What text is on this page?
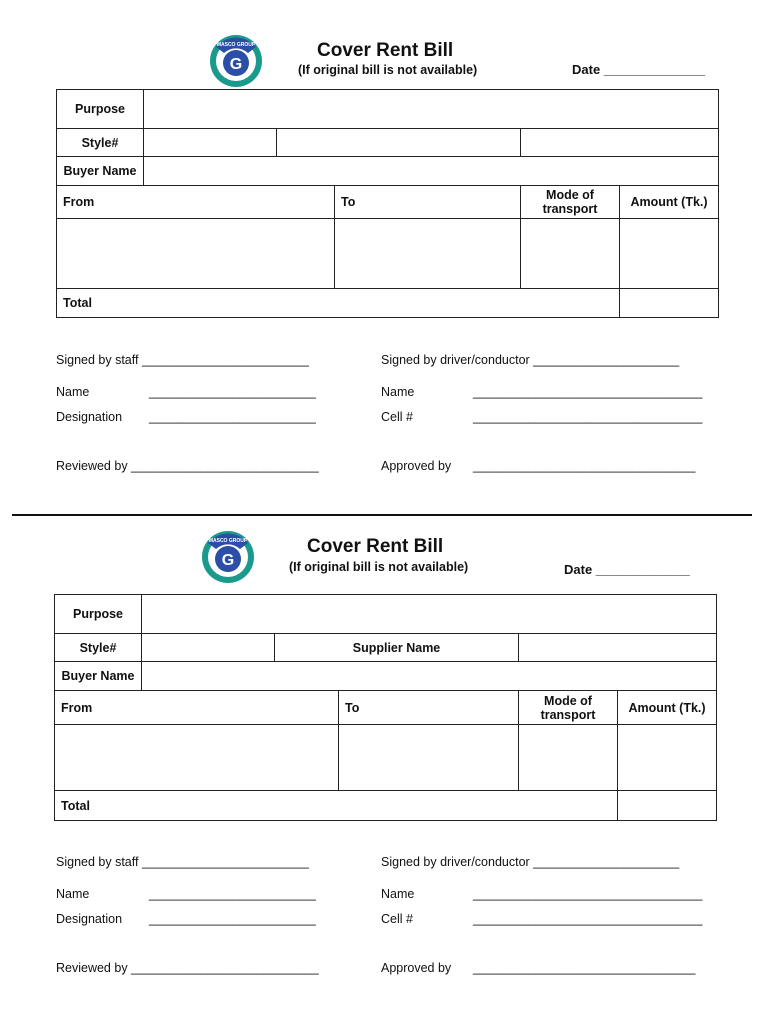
G
MASCO GROUP	Cover Rent Bill
(If original bill is not available)	Date ______________
Purpose					
Style#					
Buyer Name					
From			To	Mode of transport	Amount (Tk.)

Total					
Signed by staff ________________________	Signed by driver/conductor _____________________
Name	________________________	Name	_________________________________
Designation ________________________	Cell #	_________________________________
Reviewed by ___________________________	Approved by ________________________________
G
MASCO GROUP	Cover Rent Bill
(If original bill is not available)	Date _____________
Purpose					
Style#		Supplier Name			
Buyer Name					
From			To	Mode of transport	Amount (Tk.)

Total					
Signed by staff ________________________	Signed by driver/conductor _____________________
Name	________________________	Name	_________________________________
Designation ________________________	Cell #	_________________________________
Reviewed by ___________________________	Approved by ________________________________
